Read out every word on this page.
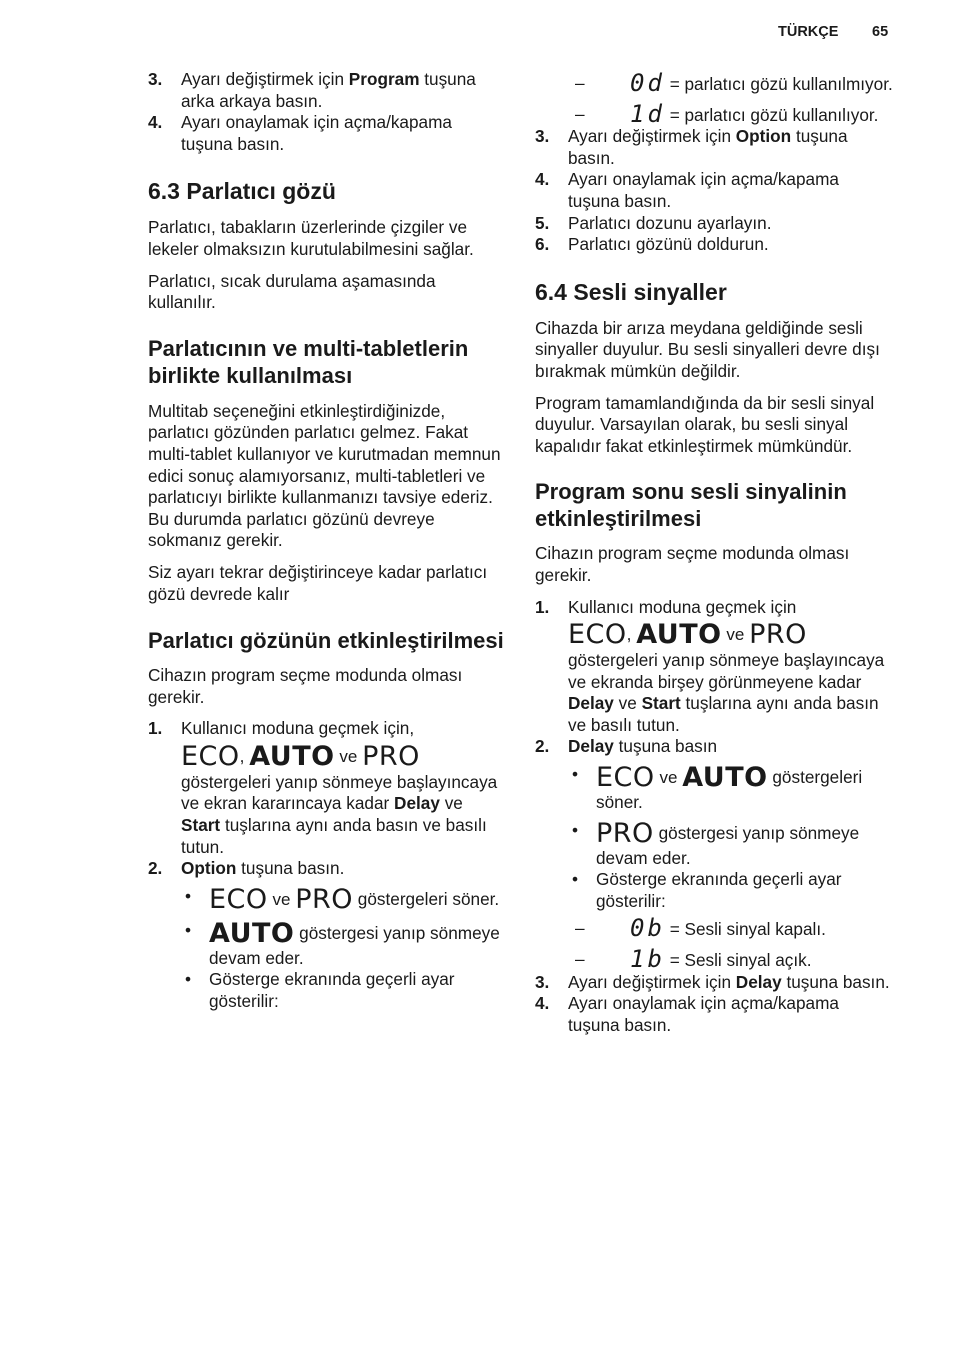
TÜRKÇE 65
3. Ayarı değiştirmek için Program tuşuna arka arkaya basın.
4. Ayarı onaylamak için açma/kapama tuşuna basın.
6.3 Parlatıcı gözü

Parlatıcı, tabakların üzerlerinde çizgiler ve lekeler olmaksızın kurutulabilmesini sağlar.

Parlatıcı, sıcak durulama aşamasında kullanılır.

Parlatıcının ve multi-tabletlerin birlikte kullanılması

Multitab seçeneğini etkinleştirdiğinizde, parlatıcı gözünden parlatıcı gelmez. Fakat multi-tablet kullanıyor ve kurutmadan memnun edici sonuç alamıyorsanız, multi-tabletleri ve parlatıcıyı birlikte kullanmanızı tavsiye ederiz. Bu durumda parlatıcı gözünü devreye sokmanız gerekir.

Siz ayarı tekrar değiştirinceye kadar parlatıcı gözü devrede kalır

Parlatıcı gözünün etkinleştirilmesi

Cihazın program seçme modunda olması gerekir.

1. Kullanıcı moduna geçmek için,
ECO, AUTO ve PRO
göstergeleri yanıp sönmeye başlayıncaya ve ekran kararıncaya kadar Delay ve Start tuşlarına aynı anda basın ve basılı tutun.
2. Option tuşuna basın.
• ECO ve PRO göstergeleri söner.
• AUTO göstergesi yanıp sönmeye devam eder.
• Gösterge ekranında geçerli ayar gösterilir:
– 0d = parlatıcı gözü kullanılmıyor.
– 1d = parlatıcı gözü kullanılıyor.
3. Ayarı değiştirmek için Option tuşuna basın.
4. Ayarı onaylamak için açma/kapama tuşuna basın.
5. Parlatıcı dozunu ayarlayın.
6. Parlatıcı gözünü doldurun.
6.4 Sesli sinyaller

Cihazda bir arıza meydana geldiğinde sesli sinyaller duyulur. Bu sesli sinyalleri devre dışı bırakmak mümkün değildir.

Program tamamlandığında da bir sesli sinyal duyulur. Varsayılan olarak, bu sesli sinyal kapalıdır fakat etkinleştirmek mümkündür.

Program sonu sesli sinyalinin etkinleştirilmesi

Cihazın program seçme modunda olması gerekir.

1. Kullanıcı moduna geçmek için
ECO, AUTO ve PRO
göstergeleri yanıp sönmeye başlayıncaya ve ekranda birşey görünmeyene kadar Delay ve Start tuşlarına aynı anda basın ve basılı tutun.
2. Delay tuşuna basın
• ECO ve AUTO göstergeleri söner.
• PRO göstergesi yanıp sönmeye devam eder.
• Gösterge ekranında geçerli ayar gösterilir:
– 0b = Sesli sinyal kapalı.
– 1b = Sesli sinyal açık.
3. Ayarı değiştirmek için Delay tuşuna basın.
4. Ayarı onaylamak için açma/kapama tuşuna basın.
